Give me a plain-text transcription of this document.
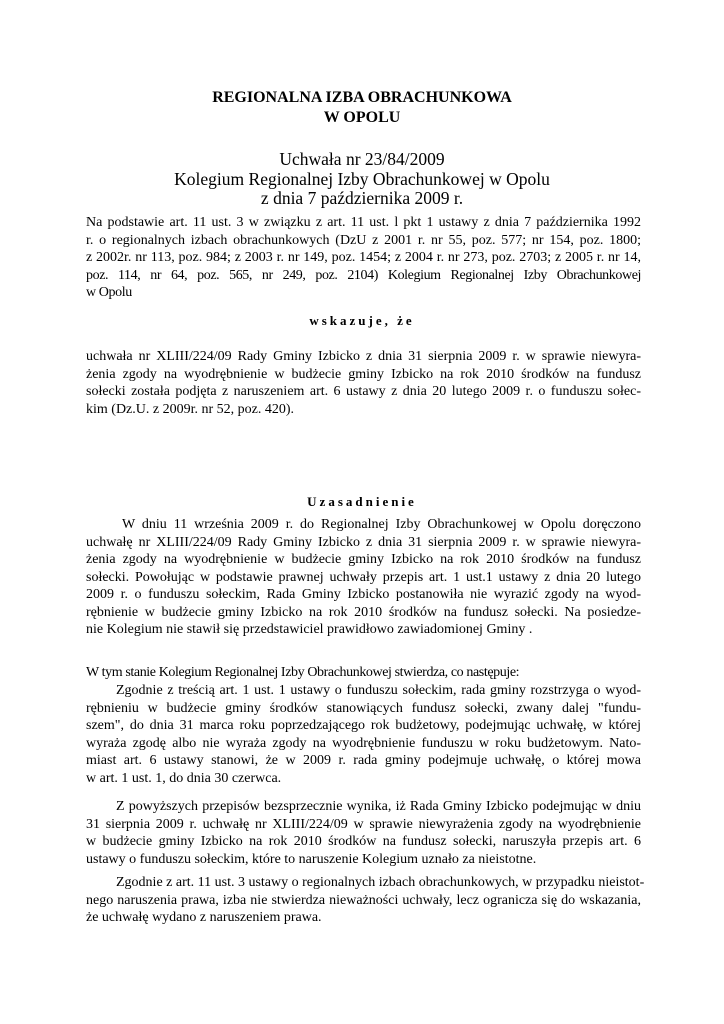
REGIONALNA IZBA OBRACHUNKOWA
W OPOLU
Uchwała nr 23/84/2009
Kolegium Regionalnej Izby Obrachunkowej w Opolu
z dnia 7 października 2009 r.
Na podstawie art. 11 ust. 3 w związku z art. 11 ust. l pkt 1 ustawy z dnia 7 października 1992
r. o regionalnych izbach obrachunkowych (DzU z 2001 r. nr 55, poz. 577; nr 154, poz. 1800;
z 2002r. nr 113, poz. 984; z 2003 r. nr 149, poz. 1454; z 2004 r. nr 273, poz. 2703; z 2005 r. nr 14,
poz. 114, nr 64, poz. 565, nr 249, poz. 2104) Kolegium Regionalnej Izby Obrachunkowej
w Opolu
wskazuje, że
uchwała nr XLIII/224/09 Rady Gminy Izbicko z dnia 31 sierpnia 2009 r. w sprawie niewyra-
żenia zgody na wyodrębnienie w budżecie gminy Izbicko na rok 2010 środków na fundusz
sołecki została podjęta z naruszeniem art. 6 ustawy z dnia 20 lutego 2009 r. o funduszu sołec-
kim (Dz.U. z 2009r. nr 52, poz. 420).
Uzasadnienie
W dniu 11 września 2009 r. do Regionalnej Izby Obrachunkowej w Opolu doręczono
uchwałę nr XLIII/224/09 Rady Gminy Izbicko z dnia 31 sierpnia 2009 r. w sprawie niewyra-
żenia zgody na wyodrębnienie w budżecie gminy Izbicko na rok 2010 środków na fundusz
sołecki. Powołując w podstawie prawnej uchwały przepis art. 1 ust.1 ustawy z dnia 20 lutego
2009 r. o funduszu sołeckim, Rada Gminy Izbicko postanowiła nie wyrazić zgody na wyod-
rębnienie w budżecie gminy Izbicko na rok 2010 środków na fundusz sołecki. Na posiedze-
nie Kolegium nie stawił się przedstawiciel prawidłowo zawiadomionej Gminy .
W tym stanie Kolegium Regionalnej Izby Obrachunkowej stwierdza, co następuje:
Zgodnie z treścią art. 1 ust. 1 ustawy o funduszu sołeckim, rada gminy rozstrzyga o wyod-
rębnieniu w budżecie gminy środków stanowiących fundusz sołecki, zwany dalej "fundu-
szem", do dnia 31 marca roku poprzedzającego rok budżetowy, podejmując uchwałę, w której
wyraża zgodę albo nie wyraża zgody na wyodrębnienie funduszu w roku budżetowym. Nato-
miast art. 6 ustawy stanowi, że w 2009 r. rada gminy podejmuje uchwałę, o której mowa
w art. 1 ust. 1, do dnia 30 czerwca.
Z powyższych przepisów bezsprzecznie wynika, iż Rada Gminy Izbicko podejmując w dniu
31 sierpnia 2009 r. uchwałę nr XLIII/224/09 w sprawie niewyrażenia zgody na wyodrębnienie
w budżecie gminy Izbicko na rok 2010 środków na fundusz sołecki, naruszyła przepis art. 6
ustawy o funduszu sołeckim, które to naruszenie Kolegium uznało za nieistotne.
Zgodnie z art. 11 ust. 3 ustawy o regionalnych izbach obrachunkowych, w przypadku nieistot-
nego naruszenia prawa, izba nie stwierdza nieważności uchwały, lecz ogranicza się do wskazania,
że uchwałę wydano z naruszeniem prawa.
